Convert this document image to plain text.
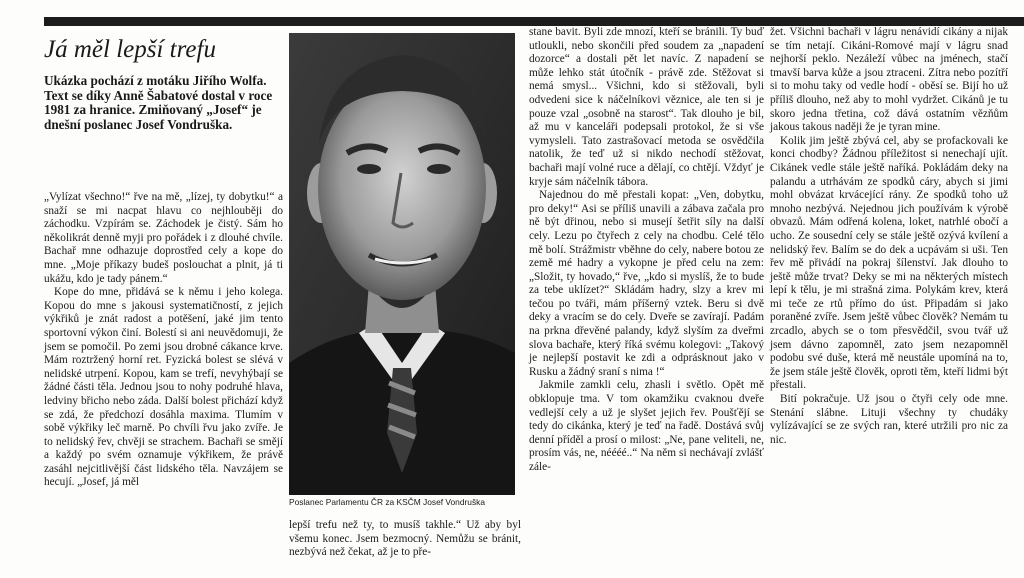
Já měl lepší trefu
Ukázka pochází z motáku Jiřího Wolfa. Text se díky Anně Šabatové dostal v roce 1981 za hranice. Zmiňovaný „Josef“ je dnešní poslanec Josef Vondruška.

„Vylízat všechno!“ řve na mě, „lízej, ty dobytku!“ a snaží se mi nacpat hlavu co nejhlouběji do záchodku. Vzpírám se. Záchodek je čistý. Sám ho několikrát denně myji pro pořádek i z dlouhé chvíle. Bachař mne odhazuje doprostřed cely a kope do mne. „Moje příkazy budeš poslouchat a plnit, já ti ukážu, kdo je tady pánem.“

Kope do mne, přidává se k němu i jeho kolega. Kopou do mne s jakousi systematičností, z jejich výkřiků je znát radost a potěšení, jaké jim tento sportovní výkon činí. Bolestí si ani neuvědomuji, že jsem se pomočil. Po zemi jsou drobné cákance krve. Mám roztržený horní ret. Fyzická bolest se slévá v nelidské utrpení. Kopou, kam se trefí, nevyhýbají se žádné části těla. Jednou jsou to nohy podruhé hlava, ledviny břicho nebo záda. Další bolest přichází když se zdá, že předchozí dosáhla maxima. Tlumím v sobě výkřiky leč marně. Po chvíli řvu jako zvíře. Je to nelidský řev, chvěji se strachem. Bachaři se smějí a každý po svém oznamuje výkřikem, že právě zasáhl nejcitlivější část lidského těla. Navzájem se hecují. „Josef, já měl

Poslanec Parlamentu ČR za KSČM Josef Vondruška

lepší trefu než ty, to musíš takhle.“ Už aby byl všemu konec. Jsem bezmocný. Nemůžu se bránit, nezbývá než čekat, až je to pře-

stane bavit. Byli zde mnozí, kteří se bránili. Ty buď utloukli, nebo skončili před soudem za „napadení dozorce“ a dostali pět let navíc. Z napadení se může lehko stát útočník - právě zde. Stěžovat si nemá smysl... Všichni, kdo si stěžovali, byli odvedeni sice k náčelníkovi věznice, ale ten si je pouze vzal „osobně na starost“. Tak dlouho je bil, až mu v kanceláři podepsali protokol, že si vše vymysleli. Tato zastrašovací metoda se osvědčila natolik, že teď už si nikdo nechodí stěžovat, bachaři mají volné ruce a dělají, co chtějí. Vždyť je kryje sám náčelník tábora.

Najednou do mě přestali kopat: „Ven, dobytku, pro deky!“ Asi se příliš unavili a zábava začala pro ně být dřinou, nebo si musejí šetřit síly na další cely. Lezu po čtyřech z cely na chodbu. Celé tělo mě bolí. Strážmistr vběhne do cely, nabere botou ze země mé hadry a vykopne je před celu na zem: „Složit, ty hovado,“ řve, „kdo si myslíš, že to bude za tebe uklízet?“ Skládám hadry, slzy a krev mi tečou po tváři, mám příšerný vztek. Beru si dvě deky a vracím se do cely. Dveře se zavírají. Padám na prkna dřevěné palandy, když slyším za dveřmi slova bachaře, který říká svému kolegovi: „Takový je nejlepší postavit ke zdi a odprásknout jako v Rusku a žádný sraní s nima !“

Jakmile zamkli celu, zhasli i světlo. Opět mě obklopuje tma. V tom okamžiku cvaknou dveře vedlejší cely a už je slyšet jejich řev. Poušťějí se tedy do cikánka, který je teď na řadě. Dostává svůj denní příděl a prosí o milost: „Ne, pane veliteli, ne, prosím vás, ne, néééé..“ Na něm si nechávají zvlášť zále-

žet. Všichni bachaři v lágru nenávidí cikány a nijak se tím netají. Cikáni-Romové mají v lágru snad nejhorší peklo. Nezáleží vůbec na jménech, stačí tmavší barva kůže a jsou ztraceni. Zítra nebo pozítří si to mohu taky od vedle hodí - oběsí se. Bijí ho už příliš dlouho, než aby to mohl vydržet. Cikánů je tu skoro jedna třetina, což dává ostatním vězňům jakous takous naději že je tyran mine.

Kolik jim ještě zbývá cel, aby se profackovali ke konci chodby? Žádnou příležitost si nenechají ujít. Cikánek vedle stále ještě naříká. Pokládám deky na palandu a utrhávám ze spodků cáry, abych si jimi mohl obvázat krvácející rány. Ze spodků toho už mnoho nezbývá. Nejednou jich používám k výrobě obvazů. Mám odřená kolena, loket, natrhlé obočí a ucho. Ze sousední cely se stále ještě ozývá kvílení a nelidský řev. Balím se do dek a ucpávám si uši. Ten řev mě přivádí na pokraj šílenství. Jak dlouho to ještě může trvat? Deky se mi na některých místech lepí k tělu, je mi strašná zima. Polykám krev, která mi teče ze rtů přímo do úst. Připadám si jako poraněné zvíře. Jsem ještě vůbec člověk? Nemám tu zrcadlo, abych se o tom přesvědčil, svou tvář už jsem dávno zapomněl, zato jsem nezapomněl podobu své duše, která mě neustále upomíná na to, že jsem stále ještě člověk, oproti těm, kteří lidmi být přestali.

Bití pokračuje. Už jsou o čtyři cely ode mne. Stenání slábne. Lituji všechny ty chudáky vylízávající se ze svých ran, které utržili pro nic za nic.
